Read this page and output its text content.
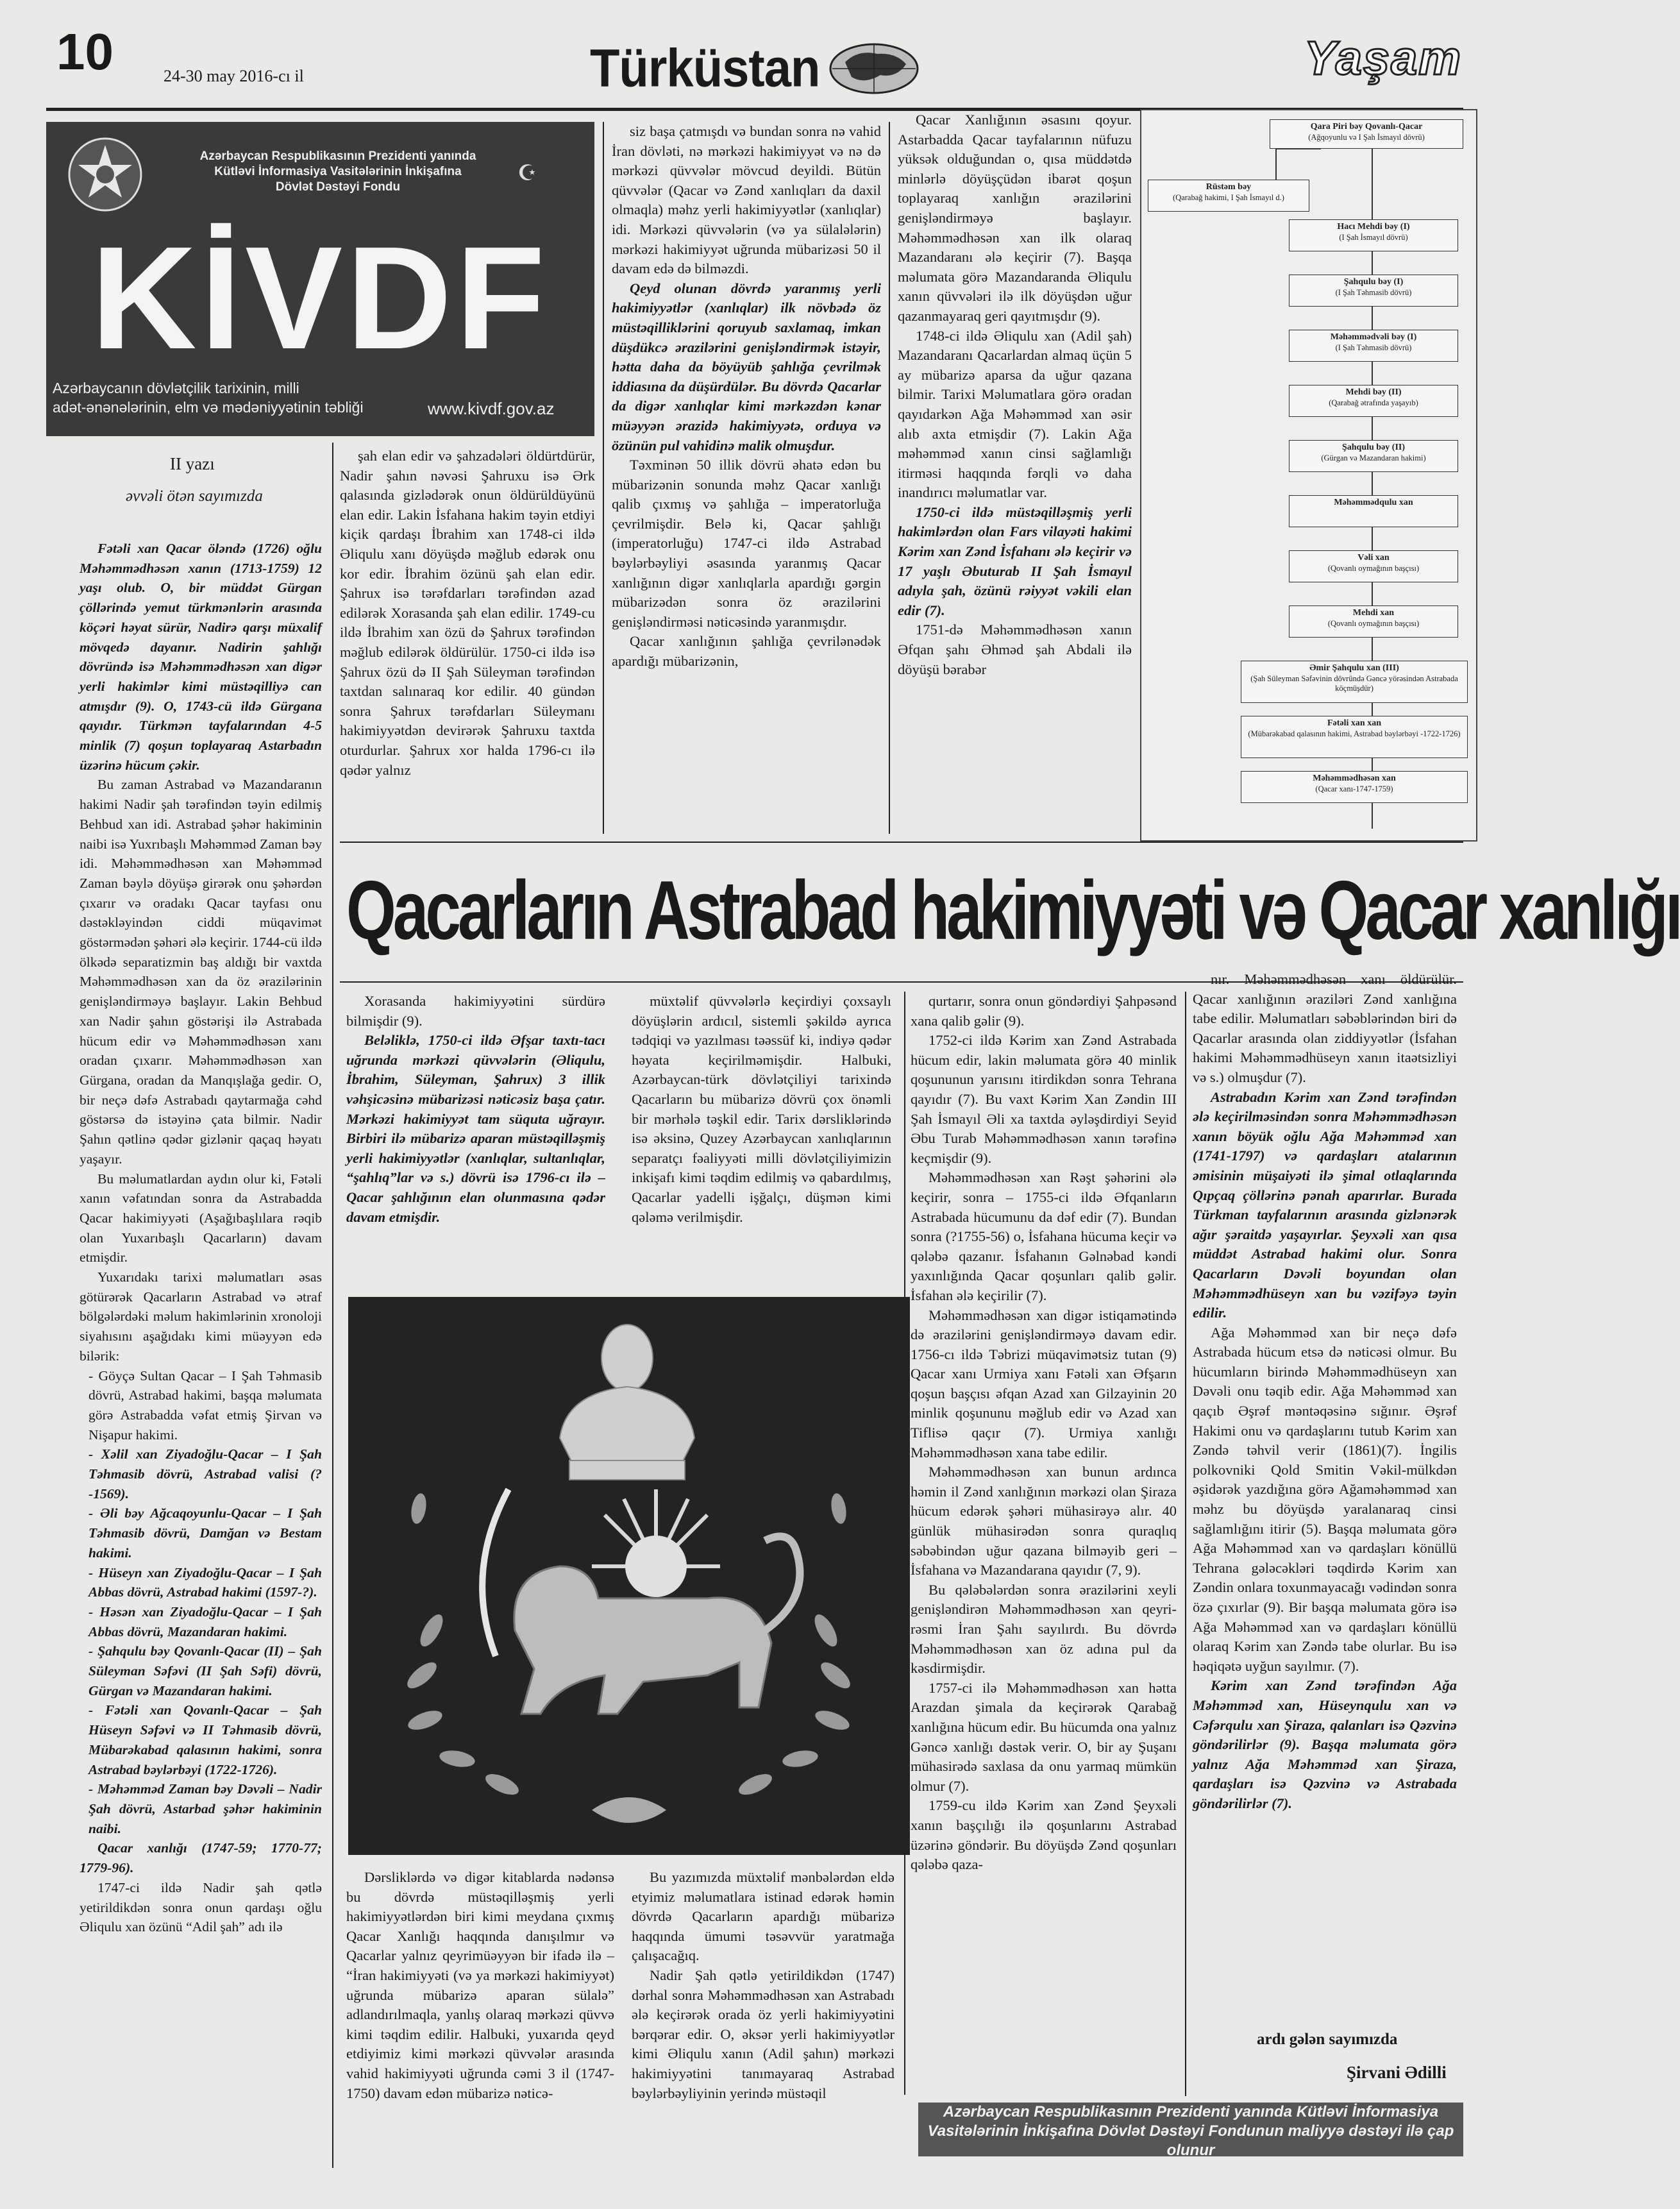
10	24-30 may 2016-cı il	Türküstan	Yaşam
Azərbaycan Respublikasının Prezidenti yanında
Kütləvi İnformasiya Vasitələrinin İnkişafına
Dövlət Dəstəyi Fondu
☪
KİVDF
Azərbaycanın dövlətçilik tarixinin, milli
adət-ənənələrinin, elm və mədəniyyətinin təbliği	www.kivdf.gov.az
II yazı
əvvəli ötən sayımızda

Fətəli xan Qacar öləndə (1726) oğlu Məhəmmədhəsən xanın (1713-1759) 12 yaşı olub. O, bir müddət Gürgan çöllərində yemut türkmənlərin arasında köçəri həyat sürür, Nadirə qarşı müxalif mövqedə dayanır. Nadirin şahlığı dövründə isə Məhəmmədhəsən xan digər yerli hakimlər kimi müstəqilliyə can atmışdır (9). O, 1743-cü ildə Gürgana qayıdır. Türkmən tayfalarından 4-5 minlik (7) qoşun toplayaraq Astarbadın üzərinə hücum çəkir.

Bu zaman Astrabad və Mazandaranın hakimi Nadir şah tərəfindən təyin edilmiş Behbud xan idi. Astrabad şəhər hakiminin naibi isə Yuxrıbaşlı Məhəmməd Zaman bəy idi. Məhəmmədhəsən xan Məhəmməd Zaman bəylə döyüşə girərək onu şəhərdən çıxarır və oradakı Qacar tayfası onu dəstəkləyindən ciddi müqavimət göstərmədən şəhəri ələ keçirir. 1744-cü ildə ölkədə separatizmin baş aldığı bir vaxtda Məhəmmədhəsən xan da öz ərazilərinin genişləndirməyə başlayır. Lakin Behbud xan Nadir şahın göstərişi ilə Astrabada hücum edir və Məhəmmədhəsən xanı oradan çıxarır. Məhəmmədhəsən xan Gürgana, oradan da Manqışlağa gedir. O, bir neçə dəfə Astrabadı qaytarmağa cəhd göstərsə də istəyinə çata bilmir. Nadir Şahın qətlinə qədər gizlənir qaçaq həyatı yaşayır.

Bu məlumatlardan aydın olur ki, Fətəli xanın vəfatından sonra da Astrabadda Qacar hakimiyyəti (Aşağıbaşlılara rəqib olan Yuxarıbaşlı Qacarların) davam etmişdir.

Yuxarıdakı tarixi məlumatları əsas götürərək Qacarların Astrabad və ətraf bölgələrdəki məlum hakimlərinin xronoloji siyahısını aşağıdakı kimi müəyyən edə bilərik:

- Göyçə Sultan Qacar – I Şah Təhmasib dövrü, Astrabad hakimi, başqa məlumata görə Astrabadda vəfat etmiş Şirvan və Nişapur hakimi.

- Xəlil xan Ziyadoğlu-Qacar – I Şah Təhmasib dövrü, Astrabad valisi (?-1569).

- Əli bəy Ağcaqoyunlu-Qacar – I Şah Təhmasib dövrü, Damğan və Bestam hakimi.

- Hüseyn xan Ziyadoğlu-Qacar – I Şah Abbas dövrü, Astrabad hakimi (1597-?).

- Həsən xan Ziyadoğlu-Qacar – I Şah Abbas dövrü, Mazandaran hakimi.

- Şahqulu bəy Qovanlı-Qacar (II) – Şah Süleyman Səfəvi (II Şah Səfi) dövrü, Gürgan və Mazandaran hakimi.

- Fətəli xan Qovanlı-Qacar – Şah Hüseyn Səfəvi və II Təhmasib dövrü, Mübarəkabad qalasının hakimi, sonra Astrabad bəylərbəyi (1722-1726).

- Məhəmməd Zaman bəy Dəvəli – Nadir Şah dövrü, Astarbad şəhər hakiminin naibi.

Qacar xanlığı (1747-59; 1770-77; 1779-96).

1747-ci ildə Nadir şah qətlə yetirildikdən sonra onun qardaşı oğlu Əliqulu xan özünü “Adil şah” adı ilə

şah elan edir və şahzadələri öldürtdürür, Nadir şahın nəvəsi Şahruxu isə Ərk qalasında gizlədərək onun öldürüldüyünü elan edir. Lakin İsfahana hakim təyin etdiyi kiçik qardaşı İbrahim xan 1748-ci ildə Əliqulu xanı döyüşdə məğlub edərək onu kor edir. İbrahim özünü şah elan edir. Şahrux isə tərəfdarları tərəfindən azad edilərək Xorasanda şah elan edilir. 1749-cu ildə İbrahim xan özü də Şahrux tərəfindən məğlub edilərək öldürülür. 1750-ci ildə isə Şahrux özü də II Şah Süleyman tərəfindən taxtdan salınaraq kor edilir. 40 gündən sonra Şahrux tərəfdarları Süleymanı hakimiyyətdən devirərək Şahruxu taxtda oturdurlar. Şahrux xor halda 1796-cı ilə qədər yalnız

siz başa çatmışdı və bundan sonra nə vahid İran dövləti, nə mərkəzi hakimiyyət və nə də mərkəzi qüvvələr mövcud deyildi. Bütün qüvvələr (Qacar və Zənd xanlıqları da daxil olmaqla) məhz yerli hakimiyyətlər (xanlıqlar) idi. Mərkəzi qüvvələrin (və ya sülalələrin) mərkəzi hakimiyyət uğrunda mübarizəsi 50 il davam edə də bilməzdi.

Qeyd olunan dövrdə yaranmış yerli hakimiyyətlər (xanlıqlar) ilk növbədə öz müstəqilliklərini qoruyub saxlamaq, imkan düşdükcə ərazilərini genişləndirmək istəyir, hətta daha da böyüyüb şahlığa çevrilmək iddiasına da düşürdülər. Bu dövrdə Qacarlar da digər xanlıqlar kimi mərkəzdən kənar müəyyən ərazidə hakimiyyətə, orduya və özünün pul vahidinə malik olmuşdur.

Təxminən 50 illik dövrü əhatə edən bu mübarizənin sonunda məhz Qacar xanlığı qalib çıxmış və şahlığa – imperatorluğa çevrilmişdir. Belə ki, Qacar şahlığı (imperatorluğu) 1747-ci ildə Astrabad bəylərbəyliyi əsasında yaranmış Qacar xanlığının digər xanlıqlarla apardığı gərgin mübarizədən sonra öz ərazilərini genişləndirməsi nəticəsində yaranmışdır.

Qacar xanlığının şahlığa çevrilənədək apardığı mübarizənin,

Qacar Xanlığının əsasını qoyur. Astarbadda Qacar tayfalarının nüfuzu yüksək olduğundan o, qısa müddətdə minlərlə döyüşçüdən ibarət qoşun toplayaraq xanlığın ərazilərini genişləndirməyə başlayır. Məhəmmədhəsən xan ilk olaraq Mazandaranı ələ keçirir (7). Başqa məlumata görə Mazandaranda Əliqulu xanın qüvvələri ilə ilk döyüşdən uğur qazanmayaraq geri qayıtmışdır (9).

1748-ci ildə Əliqulu xan (Adil şah) Mazandaranı Qacarlardan almaq üçün 5 ay mübarizə aparsa da uğur qazana bilmir. Tarixi Məlumatlara görə oradan qayıdarkən Ağa Məhəmməd xan əsir alıb axta etmişdir (7). Lakin Ağa məhəmməd xanın cinsi sağlamlığı itirməsi haqqında fərqli və daha inandırıcı məlumatlar var.

1750-ci ildə müstəqilləşmiş yerli hakimlərdən olan Fars vilayəti hakimi Kərim xan Zənd İsfahanı ələ keçirir və 17 yaşlı Əbuturab II Şah İsmayıl adıyla şah, özünü rəiyyət vəkili elan edir (7).

1751-də Məhəmmədhəsən xanın Əfqan şahı Əhməd şah Abdali ilə döyüşü bərabər

Qara Piri bəy Qovanlı-Qacar
(Ağqoyunlu və I Şah İsmayıl dövrü)
Rüstəm bəy
(Qarabağ hakimi, I Şah İsmayıl d.)
Hacı Mehdi bəy (I)
(I Şah İsmayıl dövrü)
Şahqulu bəy (I)
(I Şah Təhmasib dövrü)
Məhəmmədvəli bəy (I)
(I Şah Təhmasib dövrü)
Mehdi bəy (II)
(Qarabağ ətrafında yaşayıb)
Şahqulu bəy (II)
(Gürgan və Mazandaran hakimi)
Məhəmmədqulu xan
Vəli xan
(Qovanlı oymağının başçısı)
Mehdi xan
(Qovanlı oymağının başçısı)
Əmir Şahqulu xan (III)
(Şah Süleyman Səfəvinin dövründə Gəncə yörəsindən Astrabada köçmüşdür)
Fətəli xan xan
(Mübarəkabad qalasının hakimi, Astrabad bəylərbəyi -1722-1726)
Məhəmmədhəsən xan
(Qacar xanı-1747-1759)
Qacarların Astrabad hakimiyyəti və Qacar xanlığı

Xorasanda hakimiyyətini sürdürə bilmişdir (9).

Beləliklə, 1750-ci ildə Əfşar taxtı-tacı uğrunda mərkəzi qüvvələrin (Əliqulu, İbrahim, Süleyman, Şahrux) 3 illik vəhşicəsinə mübarizəsi nəticəsiz başa çatır. Mərkəzi hakimiyyət tam süquta uğrayır. Birbiri ilə mübarizə aparan müstəqilləşmiş yerli hakimiyyətlər (xanlıqlar, sultanlıqlar, “şahlıq”lar və s.) dövrü isə 1796-cı ilə – Qacar şahlığının elan olunmasına qədər davam etmişdir.

müxtəlif qüvvələrlə keçirdiyi çoxsaylı döyüşlərin ardıcıl, sistemli şəkildə ayrıca tədqiqi və yazılması təəssüf ki, indiyə qədər həyata keçirilməmişdir. Halbuki, Azərbaycan-türk dövlətçiliyi tarixində Qacarların bu mübarizə dövrü çox önəmli bir mərhələ təşkil edir. Tarix dərsliklərində isə əksinə, Quzey Azərbaycan xanlıqlarının separatçı fəaliyyəti milli dövlətçiliyimizin inkişafı kimi təqdim edilmiş və qabardılmış, Qacarlar yadelli işğalçı, düşmən kimi qələmə verilmişdir.

Dərsliklərdə və digər kitablarda nədənsə bu dövrdə müstəqilləşmiş yerli hakimiyyətlərdən biri kimi meydana çıxmış Qacar Xanlığı haqqında danışılmır və Qacarlar yalnız qeyrimüəyyən bir ifadə ilə – “İran hakimiyyəti (və ya mərkəzi hakimiyyət) uğrunda mübarizə aparan sülalə” adlandırılmaqla, yanlış olaraq mərkəzi qüvvə kimi təqdim edilir. Halbuki, yuxarıda qeyd etdiyimiz kimi mərkəzi qüvvələr arasında vahid hakimiyyəti uğrunda cəmi 3 il (1747-1750) davam edən mübarizə nəticə-

Bu yazımızda müxtəlif mənbələrdən eldə etyimiz məlumatlara istinad edərək həmin dövrdə Qacarların apardığı mübarizə haqqında ümumi təsəvvür yaratmağa çalışacağıq.

Nadir Şah qətlə yetirildikdən (1747) dərhal sonra Məhəmmədhəsən xan Astrabadı ələ keçirərək orada öz yerli hakimiyyətini bərqərar edir. O, əksər yerli hakimiyyətlər kimi Əliqulu xanın (Adil şahın) mərkəzi hakimiyyətini tanımayaraq Astrabad bəylərbəyliyinin yerində müstəqil

qurtarır, sonra onun göndərdiyi Şahpəsənd xana qalib gəlir (9).

1752-ci ildə Kərim xan Zənd Astrabada hücum edir, lakin məlumata görə 40 minlik qoşununun yarısını itirdikdən sonra Tehrana qayıdır (7). Bu vaxt Kərim Xan Zəndin III Şah İsmayıl Əli xa taxtda əyləşdirdiyi Seyid Əbu Turab Məhəmmədhəsən xanın tərəfinə keçmişdir (9).

Məhəmmədhəsən xan Rəşt şəhərini ələ keçirir, sonra – 1755-ci ildə Əfqanların Astrabada hücumunu da dəf edir (7). Bundan sonra (?1755-56) o, İsfahana hücuma keçir və qələbə qazanır. İsfahanın Gəlnəbad kəndi yaxınlığında Qacar qoşunları qalib gəlir. İsfahan ələ keçirilir (7).

Məhəmmədhəsən xan digər istiqamətində də ərazilərini genişləndirməyə davam edir. 1756-cı ildə Təbrizi müqavimətsiz tutan (9) Qacar xanı Urmiya xanı Fətəli xan Əfşarın qoşun başçısı əfqan Azad xan Gilzayinin 20 minlik qoşununu məğlub edir və Azad xan Tiflisə qaçır (7). Urmiya xanlığı Məhəmmədhəsən xana tabe edilir.

Məhəmmədhəsən xan bunun ardınca həmin il Zənd xanlığının mərkəzi olan Şiraza hücum edərək şəhəri mühasirəyə alır. 40 günlük mühasirədən sonra quraqlıq səbəbindən uğur qazana bilməyib geri – İsfahana və Mazandarana qayıdır (7, 9).

Bu qələbələrdən sonra ərazilərini xeyli genişləndirən Məhəmmədhəsən xan qeyri-rəsmi İran Şahı sayılırdı. Bu dövrdə Məhəmmədhəsən xan öz adına pul da kəsdirmişdir.

1757-ci ilə Məhəmmədhəsən xan hətta Arazdan şimala da keçirərək Qarabağ xanlığına hücum edir. Bu hücumda ona yalnız Gəncə xanlığı dəstək verir. O, bir ay Şuşanı mühasirədə saxlasa da onu yarmaq mümkün olmur (7).

1759-cu ildə Kərim xan Zənd Şeyxəli xanın başçılığı ilə qoşunlarını Astrabad üzərinə göndərir. Bu döyüşdə Zənd qoşunları qələbə qaza-

nır. Məhəmmədhəsən xanı öldürülür. Qacar xanlığının əraziləri Zənd xanlığına tabe edilir. Məlumatları səbəblərindən biri də Qacarlar arasında olan ziddiyyətlər (İsfahan hakimi Məhəmmədhüseyn xanın itaətsizliyi və s.) olmuşdur (7).

Astrabadın Kərim xan Zənd tərəfindən ələ keçirilməsindən sonra Məhəmmədhəsən xanın böyük oğlu Ağa Məhəmməd xan (1741-1797) və qardaşları atalarının əmisinin müşaiyəti ilə şimal otlaqlarında Qıpçaq çöllərinə pənah aparırlar. Burada Türkman tayfalarının arasında gizlənərək ağır şəraitdə yaşayırlar. Şeyxəli xan qısa müddət Astrabad hakimi olur. Sonra Qacarların Dəvəli boyundan olan Məhəmmədhüseyn xan bu vəzifəyə təyin edilir.

Ağa Məhəmməd xan bir neçə dəfə Astrabada hücum etsə də nəticəsi olmur. Bu hücumların birində Məhəmmədhüseyn xan Dəvəli onu təqib edir. Ağa Məhəmməd xan qaçıb Əşrəf məntəqəsinə sığınır. Əşrəf Hakimi onu və qardaşlarını tutub Kərim xan Zəndə təhvil verir (1861)(7). İngilis polkovniki Qold Smitin Vəkil-mülkdən əşidərək yazdığına görə Ağaməhəmməd xan məhz bu döyüşdə yaralanaraq cinsi sağlamlığını itirir (5). Başqa məlumata görə Ağa Məhəmməd xan və qardaşları könüllü Tehrana gələcəkləri təqdirdə Kərim xan Zəndin onlara toxunmayacağı vədindən sonra özə çıxırlar (9). Bir başqa məlumata görə isə Ağa Məhəmməd xan və qardaşları könüllü olaraq Kərim xan Zəndə tabe olurlar. Bu isə həqiqətə uyğun sayılmır. (7).

Kərim xan Zənd tərəfindən Ağa Məhəmməd xan, Hüseynqulu xan və Cəfərqulu xan Şiraza, qalanları isə Qəzvinə göndərilirlər (9). Başqa məlumata görə yalnız Ağa Məhəmməd xan Şiraza, qardaşları isə Qəzvinə və Astrabada göndərilirlər (7).

ardı gələn sayımızda
Şirvani Ədilli
Azərbaycan Respublikasının Prezidenti yanında Kütləvi İnformasiya Vasitələrinin İnkişafına Dövlət Dəstəyi Fondunun maliyyə dəstəyi ilə çap olunur
